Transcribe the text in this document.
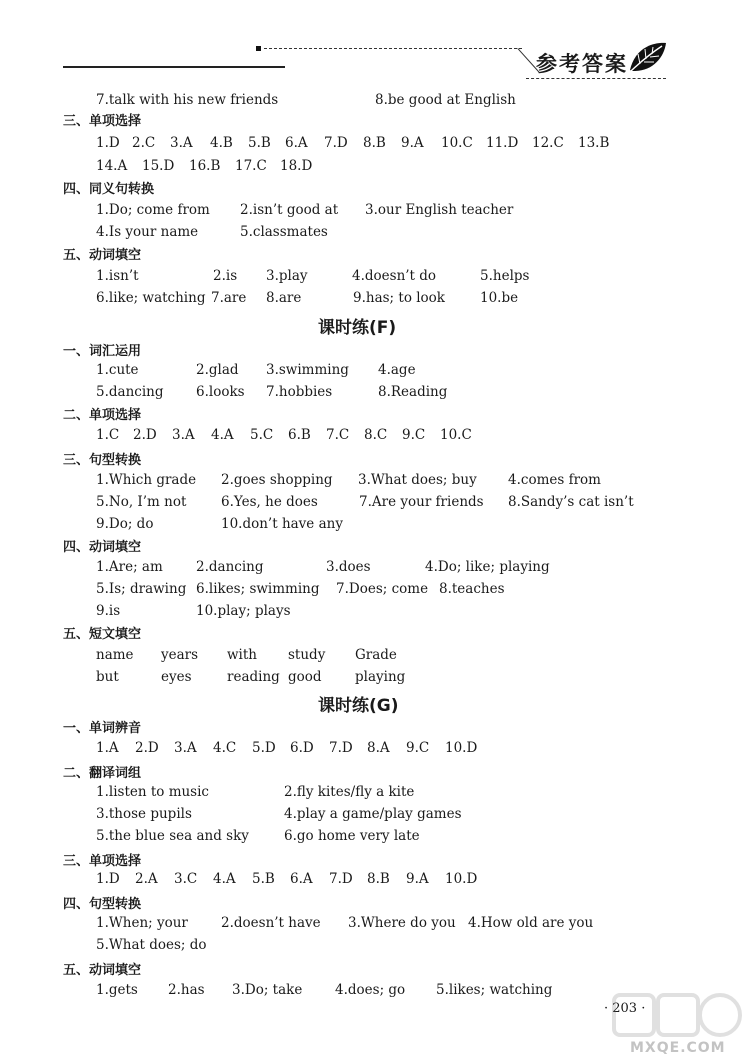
参考答案
7.talk with his new friends	8.be good at English
三、单项选择
1.D 2.C 3.A 4.B 5.B 6.A 7.D 8.B 9.A 10.C 11.D 12.C 13.B
14.A 15.D 16.B 17.C 18.D
四、同义句转换
1.Do; come from 2.isn’t good at 3.our English teacher
4.Is your name	5.classmates
五、动词填空
1.isn’t	2.is 3.play	4.doesn’t do	5.helps
6.like; watching 7.are 8.are	9.has; to look	10.be
课时练(F)
一、词汇运用
1.cute	2.glad 3.swimming 4.age
5.dancing 6.looks 7.hobbies	8.Reading
二、单项选择
1.C 2.D 3.A 4.A 5.C 6.B 7.C 8.C 9.C 10.C
三、句型转换
1.Which grade 2.goes shopping 3.What does; buy 4.comes from
5.No, I’m not	6.Yes, he does	7.Are your friends 8.Sandy’s cat isn’t
9.Do; do	10.don’t have any
四、动词填空
1.Are; am 2.dancing	3.does	4.Do; like; playing
5.Is; drawing 6.likes; swimming 7.Does; come 8.teaches
9.is	10.play; plays
五、短文填空
name years with study Grade
but	eyes	reading good playing
课时练(G)
一、单词辨音
1.A 2.D 3.A 4.C 5.D 6.D 7.D 8.A 9.C 10.D
二、翻译词组
1.listen to music	2.fly kites/fly a kite
3.those pupils	4.play a game/play games
5.the blue sea and sky	6.go home very late
三、单项选择
1.D 2.A 3.C 4.A 5.B 6.A 7.D 8.B 9.A 10.D
四、句型转换
1.When; your 2.doesn’t have 3.Where do you 4.How old are you
5.What does; do
五、动词填空
1.gets 2.has 3.Do; take 4.does; go 5.likes; watching
· 203 ·
MXQE.COM
